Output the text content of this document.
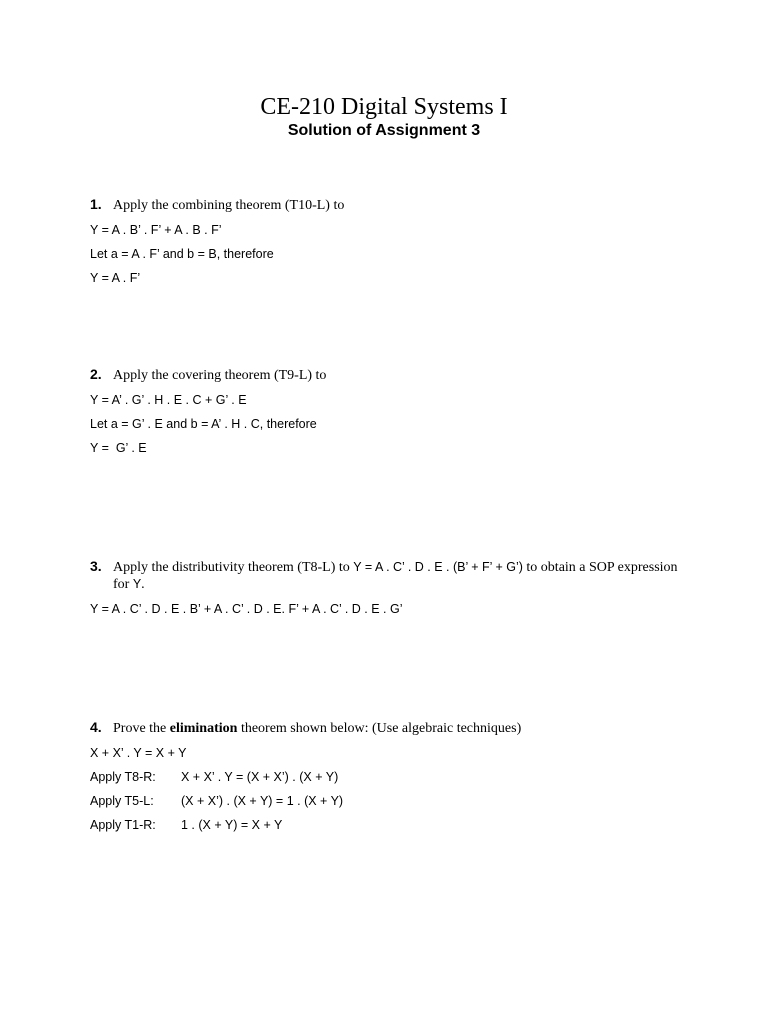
CE-210 Digital Systems I
Solution of Assignment 3
1. Apply the combining theorem (T10-L) to
Y = A . B’ . F’ + A . B . F’
Let a = A . F’ and b = B, therefore
Y = A . F’
2. Apply the covering theorem (T9-L) to
Y = A’ . G’ . H . E . C + G’ . E
Let a = G’ . E and b = A’ . H . C, therefore
Y =  G’ . E
3. Apply the distributivity theorem (T8-L) to Y = A . C’ . D . E . (B’ + F’ + G’) to obtain a SOP expression for Y.
Y = A . C’ . D . E . B’ + A . C’ . D . E. F’ + A . C’ . D . E . G’
4. Prove the elimination theorem shown below: (Use algebraic techniques)
X + X’ . Y = X + Y
Apply T8-R:	X + X’ . Y = (X + X’) . (X + Y)
Apply T5-L:	(X + X’) . (X + Y) = 1 . (X + Y)
Apply T1-R:	1 . (X + Y) = X + Y
